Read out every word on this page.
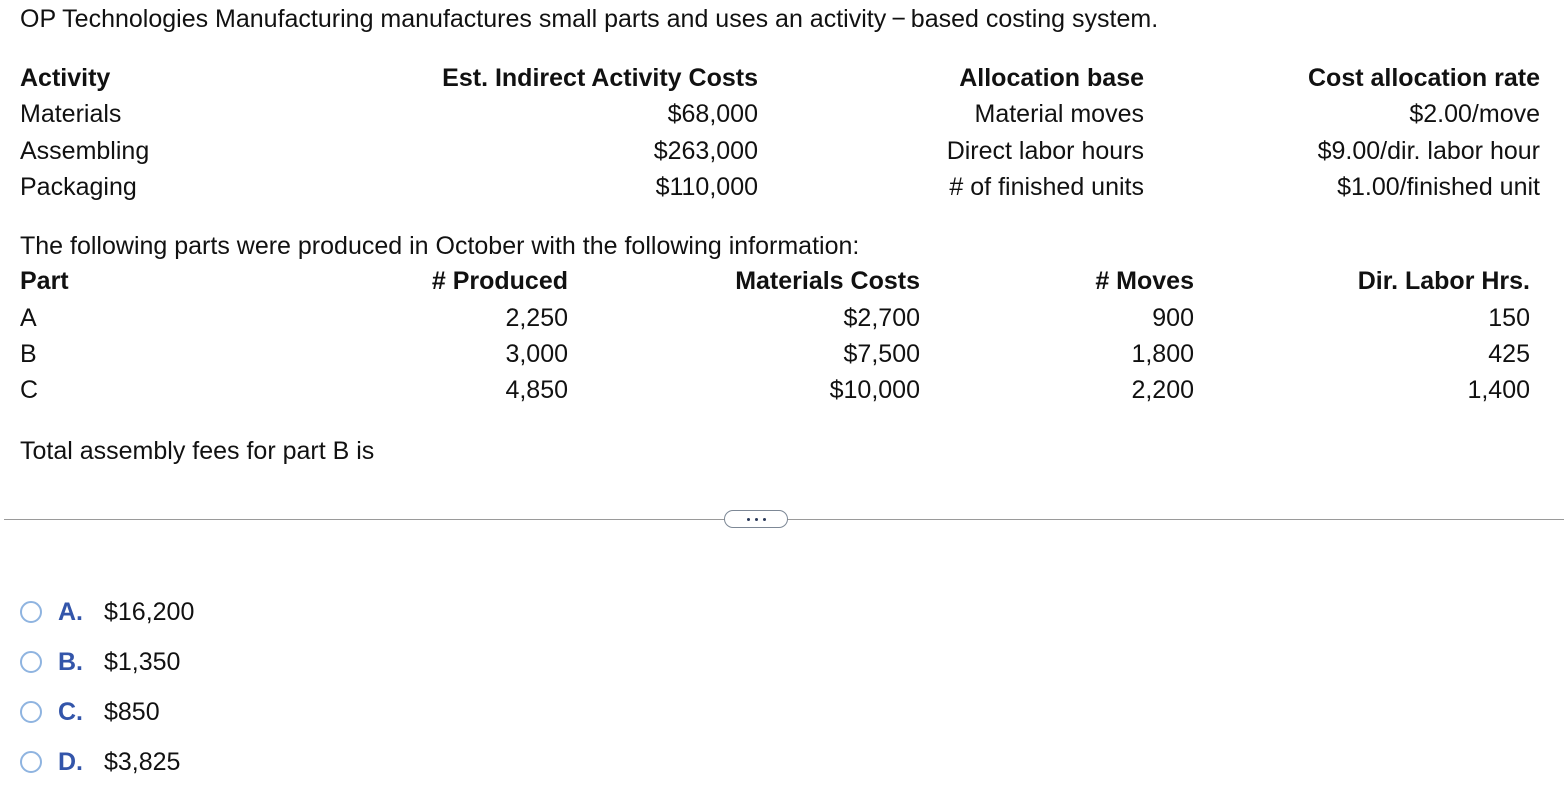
OP Technologies Manufacturing manufactures small parts and uses an activity − based costing system.
Activity	Est. Indirect Activity Costs	Allocation base	Cost allocation rate
Materials	$68,000	Material moves	$2.00/move
Assembling	$263,000	Direct labor hours	$9.00/dir. labor hour
Packaging	$110,000	# of finished units	$1.00/finished unit
The following parts were produced in October with the following information:
Part	# Produced	Materials Costs	# Moves	Dir. Labor Hrs.
A	2,250	$2,700	900	150
B	3,000	$7,500	1,800	425
C	4,850	$10,000	2,200	1,400
Total assembly fees for part B is
A. $16,200
B. $1,350
C. $850
D. $3,825
